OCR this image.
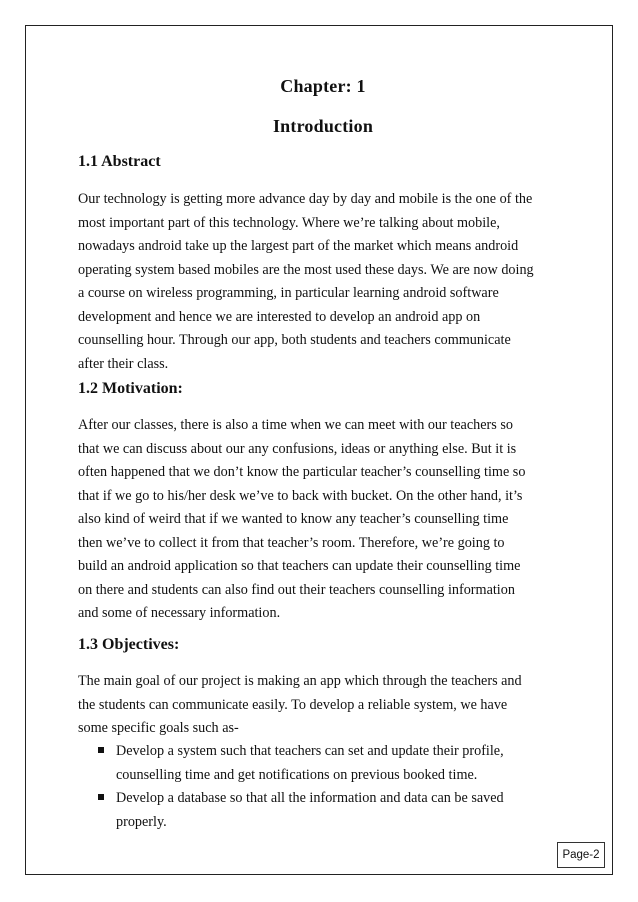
Chapter: 1
Introduction
1.1 Abstract
Our technology is getting more advance day by day and mobile is the one of the
most important part of this technology. Where we’re talking about mobile,
nowadays android take up the largest part of the market which means android
operating system based mobiles are the most used these days. We are now doing
a course on wireless programming, in particular learning android software
development and hence we are interested to develop an android app on
counselling hour. Through our app, both students and teachers communicate
after their class.
1.2 Motivation:
After our classes, there is also a time when we can meet with our teachers so
that we can discuss about our any confusions, ideas or anything else. But it is
often happened that we don’t know the particular teacher’s counselling time so
that if we go to his/her desk we’ve to back with bucket. On the other hand, it’s
also kind of weird that if we wanted to know any teacher’s counselling time
then we’ve to collect it from that teacher’s room. Therefore, we’re going to
build an android application so that teachers can update their counselling time
on there and students can also find out their teachers counselling information
and some of necessary information.
1.3 Objectives:
The main goal of our project is making an app which through the teachers and
the students can communicate easily. To develop a reliable system, we have
some specific goals such as-
Develop a system such that teachers can set and update their profile,
counselling time and get notifications on previous booked time.
Develop a database so that all the information and data can be saved
properly.
Page-2
